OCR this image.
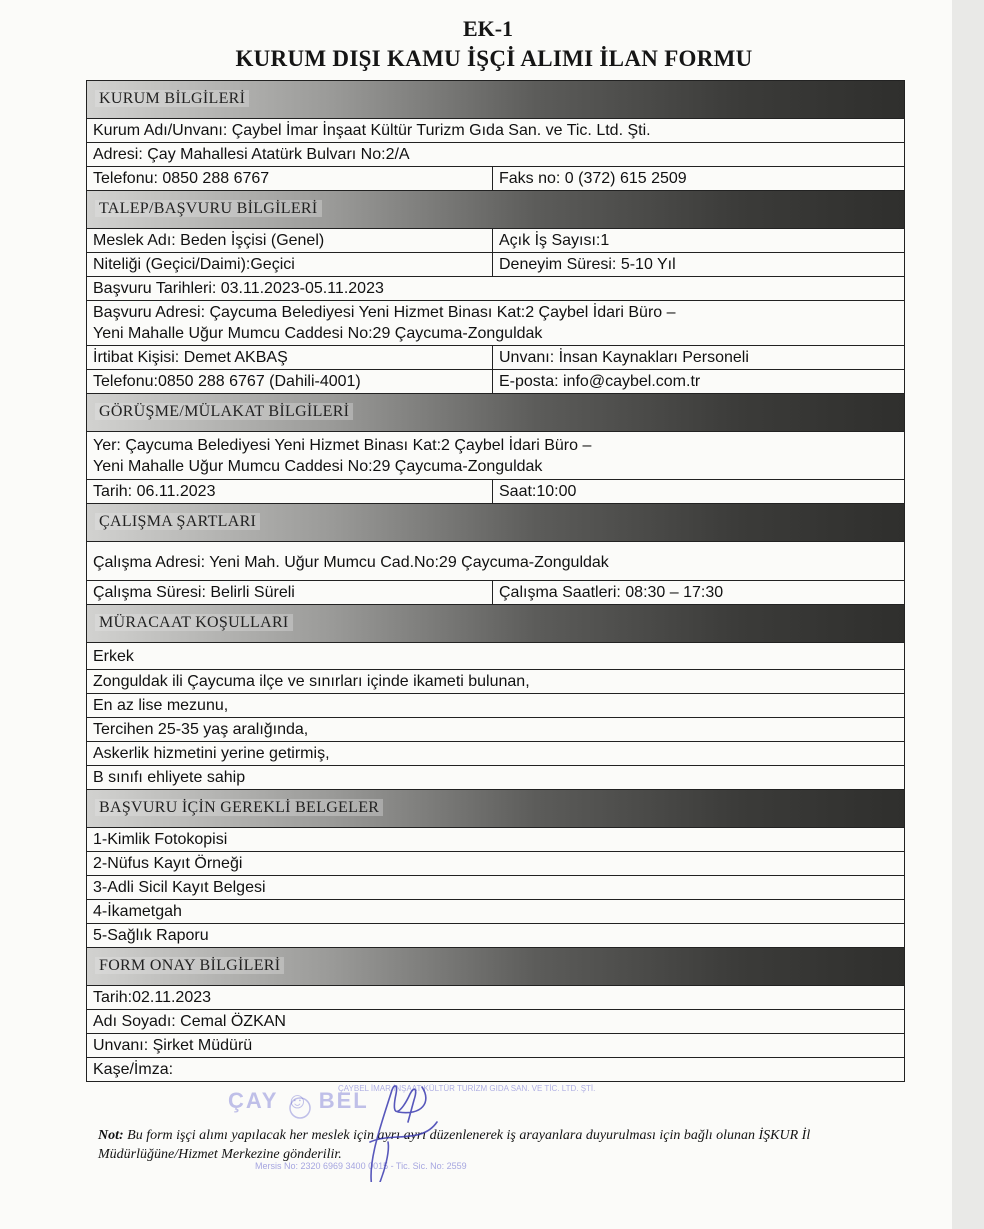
EK-1
KURUM DIŞI KAMU İŞÇİ ALIMI İLAN FORMU
KURUM BİLGİLERİ
Kurum Adı/Unvanı: Çaybel İmar İnşaat Kültür Turizm Gıda San. ve Tic. Ltd. Şti.
Adresi: Çay Mahallesi Atatürk Bulvarı No:2/A
Telefonu: 0850 288 6767	Faks no: 0 (372) 615 2509
TALEP/BAŞVURU BİLGİLERİ
Meslek Adı: Beden İşçisi (Genel)	Açık İş Sayısı:1
Niteliği (Geçici/Daimi):Geçici	Deneyim Süresi: 5-10 Yıl
Başvuru Tarihleri: 03.11.2023-05.11.2023
Başvuru Adresi: Çaycuma Belediyesi Yeni Hizmet Binası Kat:2 Çaybel İdari Büro –
Yeni Mahalle Uğur Mumcu Caddesi No:29 Çaycuma-Zonguldak
İrtibat Kişisi: Demet AKBAŞ	Unvanı: İnsan Kaynakları Personeli
Telefonu:0850 288 6767 (Dahili-4001)	E-posta: info@caybel.com.tr
GÖRÜŞME/MÜLAKAT BİLGİLERİ
Yer: Çaycuma Belediyesi Yeni Hizmet Binası Kat:2 Çaybel İdari Büro –
Yeni Mahalle Uğur Mumcu Caddesi No:29 Çaycuma-Zonguldak
Tarih: 06.11.2023	Saat:10:00
ÇALIŞMA ŞARTLARI
Çalışma Adresi: Yeni Mah. Uğur Mumcu Cad.No:29 Çaycuma-Zonguldak
Çalışma Süresi: Belirli Süreli	Çalışma Saatleri: 08:30 – 17:30
MÜRACAAT KOŞULLARI
Erkek
Zonguldak ili Çaycuma ilçe ve sınırları içinde ikameti bulunan,
En az lise mezunu,
Tercihen 25-35 yaş aralığında,
Askerlik hizmetini yerine getirmiş,
B sınıfı ehliyete sahip
BAŞVURU İÇİN GEREKLİ BELGELER
1-Kimlik Fotokopisi
2-Nüfus Kayıt Örneği
3-Adli Sicil Kayıt Belgesi
4-İkametgah
5-Sağlık Raporu
FORM ONAY BİLGİLERİ
Tarih:02.11.2023
Adı Soyadı: Cemal ÖZKAN
Unvanı: Şirket Müdürü
Kaşe/İmza:
Not: Bu form işçi alımı yapılacak her meslek için ayrı ayrı düzenlenerek iş arayanlara duyurulması için bağlı olunan İŞKUR İl Müdürlüğüne/Hizmet Merkezine gönderilir.
ÇAY ☺ BEL
ÇAYBEL İMAR İNŞAAT KÜLTÜR TURİZM GIDA SAN. VE TİC. LTD. ŞTİ.
Mersis No: 2320 6969 3400 0015 - Tic. Sic. No: 2559
